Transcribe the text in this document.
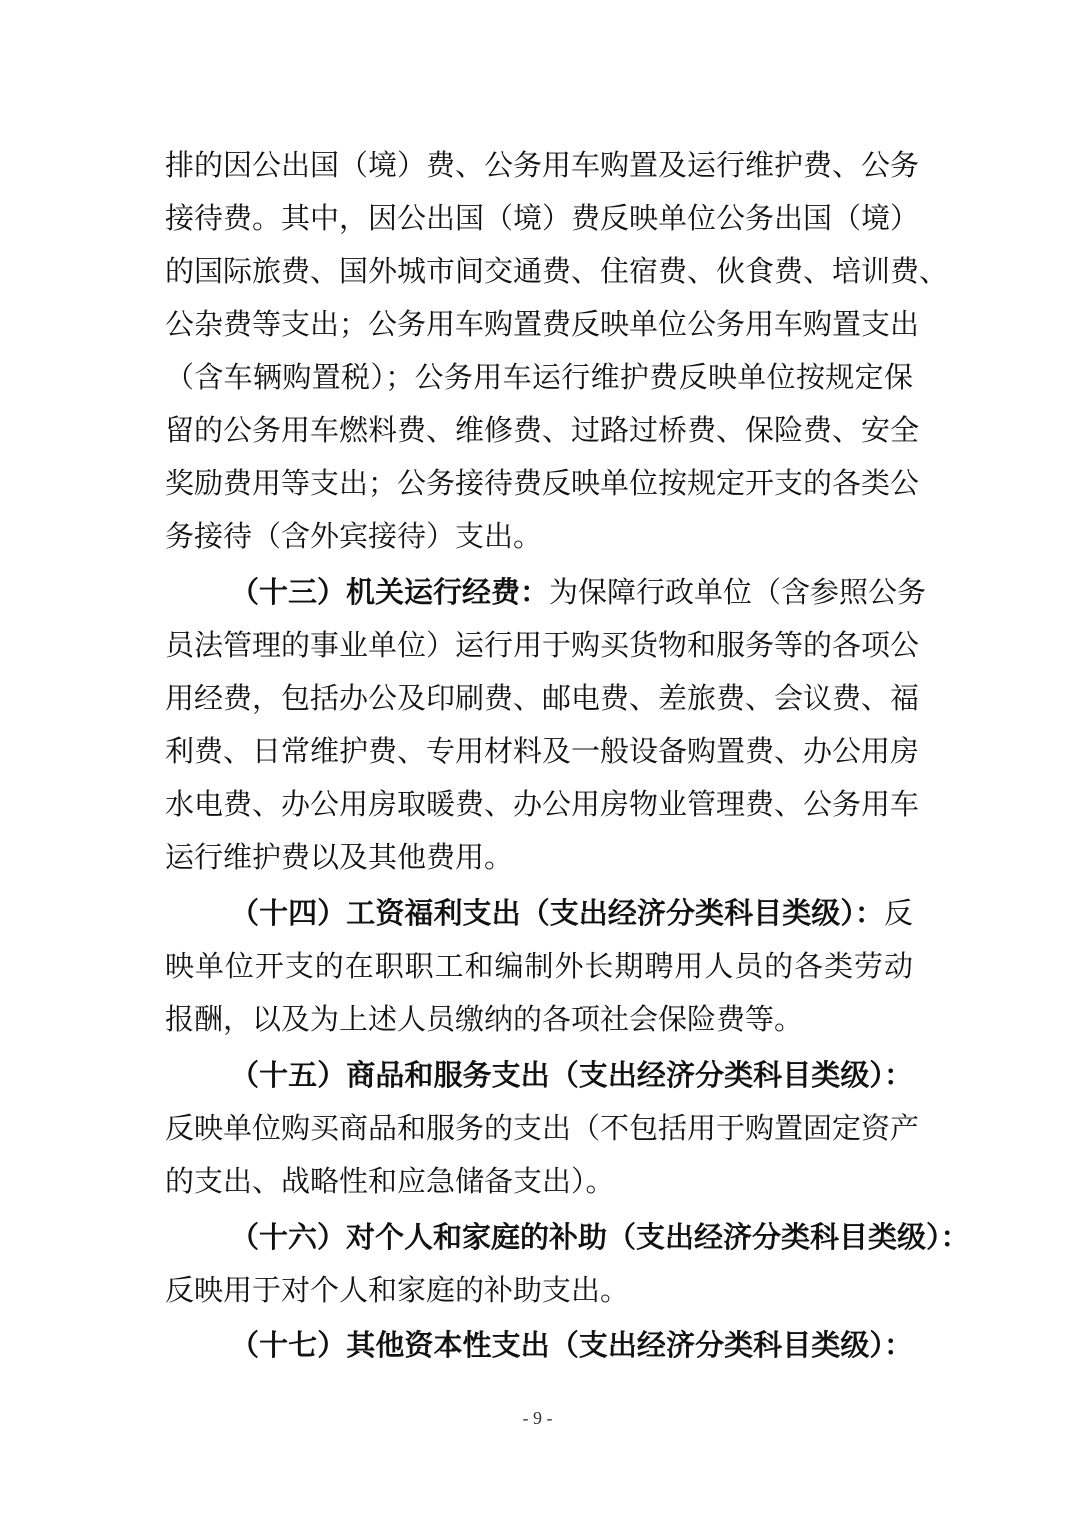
排的因公出国（境）费、公务用车购置及运行维护费、公务
接待费。其中，因公出国（境）费反映单位公务出国（境）
的国际旅费、国外城市间交通费、住宿费、伙食费、培训费、
公杂费等支出；公务用车购置费反映单位公务用车购置支出
（含车辆购置税）；公务用车运行维护费反映单位按规定保
留的公务用车燃料费、维修费、过路过桥费、保险费、安全
奖励费用等支出；公务接待费反映单位按规定开支的各类公
务接待（含外宾接待）支出。
（十三）机关运行经费：为保障行政单位（含参照公务
员法管理的事业单位）运行用于购买货物和服务等的各项公
用经费，包括办公及印刷费、邮电费、差旅费、会议费、福
利费、日常维护费、专用材料及一般设备购置费、办公用房
水电费、办公用房取暖费、办公用房物业管理费、公务用车
运行维护费以及其他费用。
（十四）工资福利支出（支出经济分类科目类级）：反
映单位开支的在职职工和编制外长期聘用人员的各类劳动
报酬，以及为上述人员缴纳的各项社会保险费等。
（十五）商品和服务支出（支出经济分类科目类级）：
反映单位购买商品和服务的支出（不包括用于购置固定资产
的支出、战略性和应急储备支出）。
（十六）对个人和家庭的补助（支出经济分类科目类级）：
反映用于对个人和家庭的补助支出。
（十七）其他资本性支出（支出经济分类科目类级）：
- 9 -
